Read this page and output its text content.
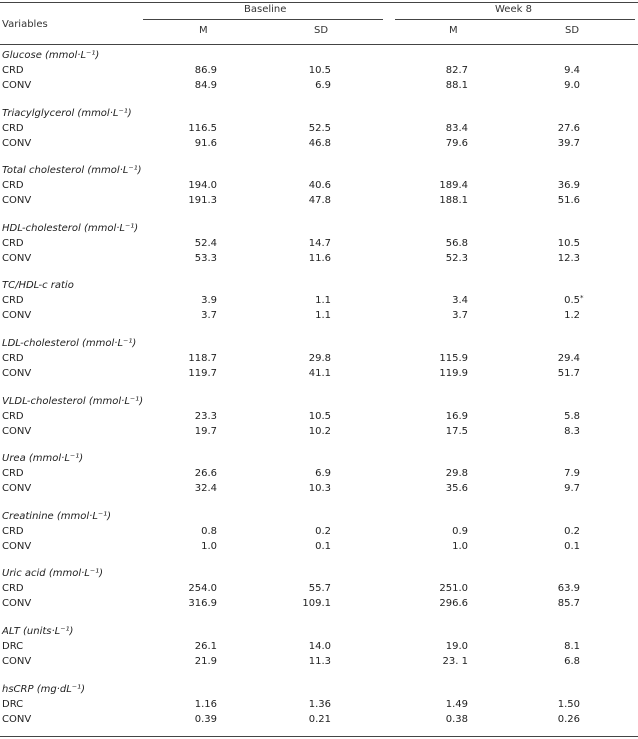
Variables
Baseline	Week 8
M	SD	M	SD
Glucose (mmol·L⁻¹)
CRD	86.9	10.5	82.7	9.4
CONV	84.9	6.9	88.1	9.0
Triacylglycerol (mmol·L⁻¹)
CRD	116.5	52.5	83.4	27.6
CONV	91.6	46.8	79.6	39.7
Total cholesterol (mmol·L⁻¹)
CRD	194.0	40.6	189.4	36.9
CONV	191.3	47.8	188.1	51.6
HDL-cholesterol (mmol·L⁻¹)
CRD	52.4	14.7	56.8	10.5
CONV	53.3	11.6	52.3	12.3
TC/HDL-c ratio
CRD	3.9	1.1	3.4	0.5 *
CONV	3.7	1.1	3.7	1.2
LDL-cholesterol (mmol·L⁻¹)
CRD	118.7	29.8	115.9	29.4
CONV	119.7	41.1	119.9	51.7
VLDL-cholesterol (mmol·L⁻¹)
CRD	23.3	10.5	16.9	5.8
CONV	19.7	10.2	17.5	8.3
Urea (mmol·L⁻¹)
CRD	26.6	6.9	29.8	7.9
CONV	32.4	10.3	35.6	9.7
Creatinine (mmol·L⁻¹)
CRD	0.8	0.2	0.9	0.2
CONV	1.0	0.1	1.0	0.1
Uric acid (mmol·L⁻¹)
CRD	254.0	55.7	251.0	63.9
CONV	316.9	109.1	296.6	85.7
ALT (units·L⁻¹)
DRC	26.1	14.0	19.0	8.1
CONV	21.9	11.3	23. 1	6.8
hsCRP (mg·dL⁻¹)
DRC	1.16	1.36	1.49	1.50
CONV	0.39	0.21	0.38	0.26
